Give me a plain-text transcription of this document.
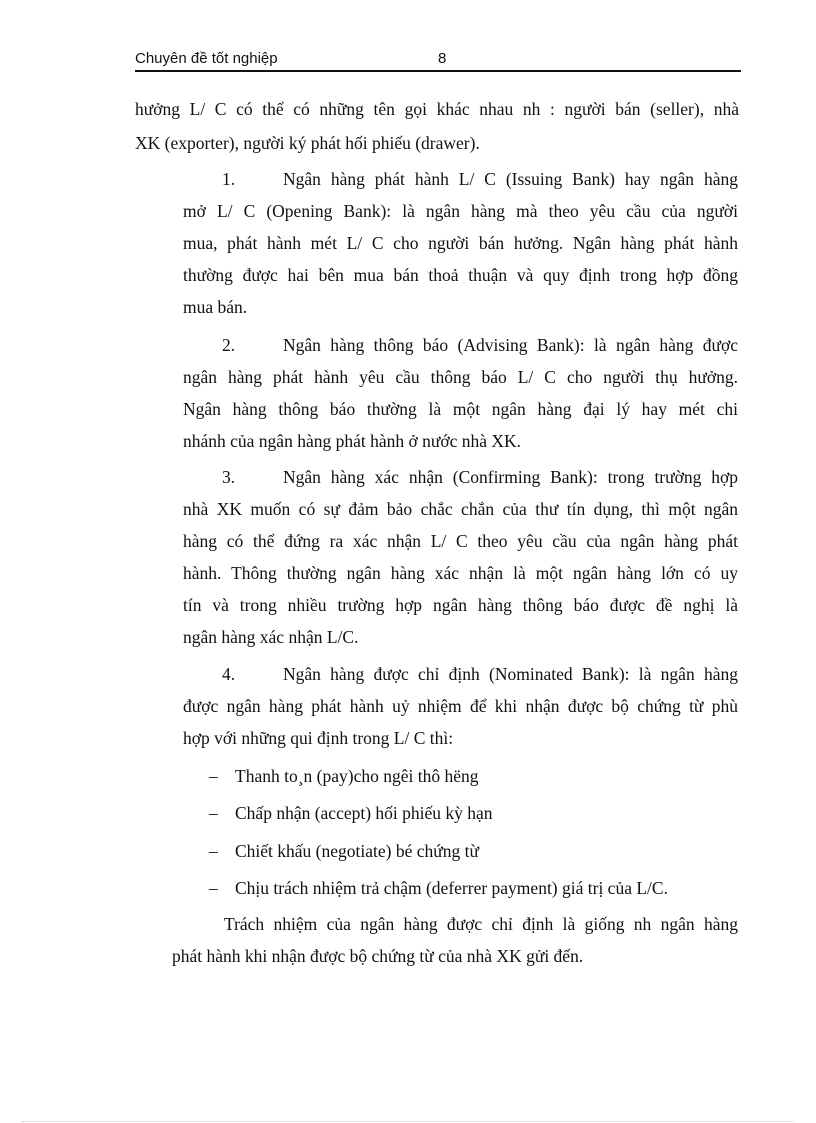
Chuyên đề tốt nghiệp	8
hưởng L/ C có thể có những tên gọi khác nhau nh : người bán (seller), nhà
XK (exporter), người ký phát hối phiếu (drawer).
1.	Ngân hàng phát hành L/ C (Issuing Bank) hay ngân hàng
mở L/ C (Opening Bank): là ngân hàng mà theo yêu cầu của người
mua, phát hành mét L/ C cho người bán hưởng. Ngân hàng phát hành
thường được hai bên mua bán thoả thuận và quy định trong hợp đồng
mua bán.
2.	Ngân hàng thông báo (Advising Bank): là ngân hàng được
ngân hàng phát hành yêu cầu thông báo L/ C cho người thụ hưởng.
Ngân hàng thông báo thường là một ngân hàng đại lý hay mét chi
nhánh của ngân hàng phát hành ở nước nhà XK.
3.	Ngân hàng xác nhận (Confirming Bank): trong trường hợp
nhà XK muốn có sự đảm bảo chắc chắn của thư tín dụng, thì một ngân
hàng có thể đứng ra xác nhận L/ C theo yêu cầu của ngân hàng phát
hành. Thông thường ngân hàng xác nhận là một ngân hàng lớn có uy
tín và trong nhiều trường hợp ngân hàng thông báo được đề nghị là
ngân hàng xác nhận L/C.
4.	Ngân hàng được chỉ định (Nominated Bank): là ngân hàng
được ngân hàng phát hành uỷ nhiệm để khi nhận được bộ chứng từ phù
hợp với những qui định trong L/ C thì:
– Thanh to¸n (pay)cho ngêi thô hëng
– Chấp nhận (accept) hối phiếu kỳ hạn
– Chiết khấu (negotiate) bé chứng từ
– Chịu trách nhiệm trả chậm (deferrer payment) giá trị của L/C.
Trách nhiệm của ngân hàng được chỉ định là giống nh ngân hàng
phát hành khi nhận được bộ chứng từ của nhà XK gửi đến.
